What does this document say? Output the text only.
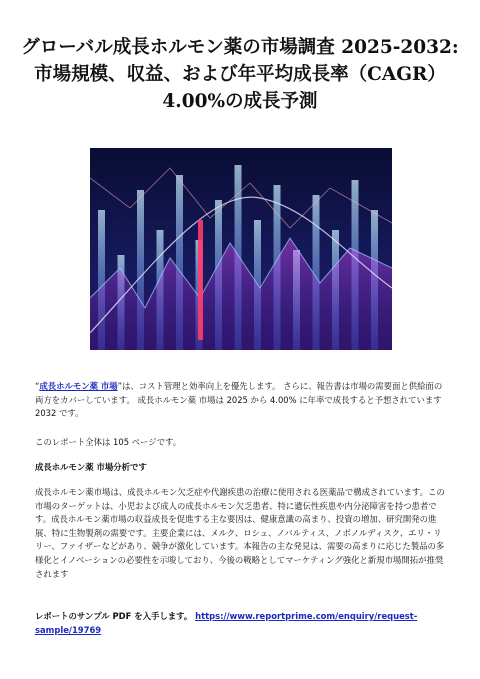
グローバル成長ホルモン薬の市場調査 2025-2032: 市場規模、収益、および年平均成長率（CAGR）4.00%の成長予測

“成長ホルモン薬 市場”は、コスト管理と効率向上を優先します。 さらに、報告書は市場の需要面と供給面の両方をカバーしています。 成長ホルモン薬 市場は 2025 から 4.00% に年率で成長すると予想されています2032 です。

このレポート全体は 105 ページです。

成長ホルモン薬 市場分析です

成長ホルモン薬市場は、成長ホルモン欠乏症や代謝疾患の治療に使用される医薬品で構成されています。この市場のターゲットは、小児および成人の成長ホルモン欠乏患者、特に遺伝性疾患や内分泌障害を持つ患者です。成長ホルモン薬市場の収益成長を促進する主な要因は、健康意識の高まり、投資の増加、研究開発の進展、特に生物製剤の需要です。主要企業には、メルク、ロシュ、ノバルティス、ノボノルディスク、エリ・リリー、ファイザーなどがあり、競争が激化しています。本報告の主な発見は、需要の高まりに応じた製品の多様化とイノベーションの必要性を示唆しており、今後の戦略としてマーケティング強化と新規市場開拓が推奨されます

レポートのサンプル PDF を入手します。 https://www.reportprime.com/enquiry/request-sample/19769
